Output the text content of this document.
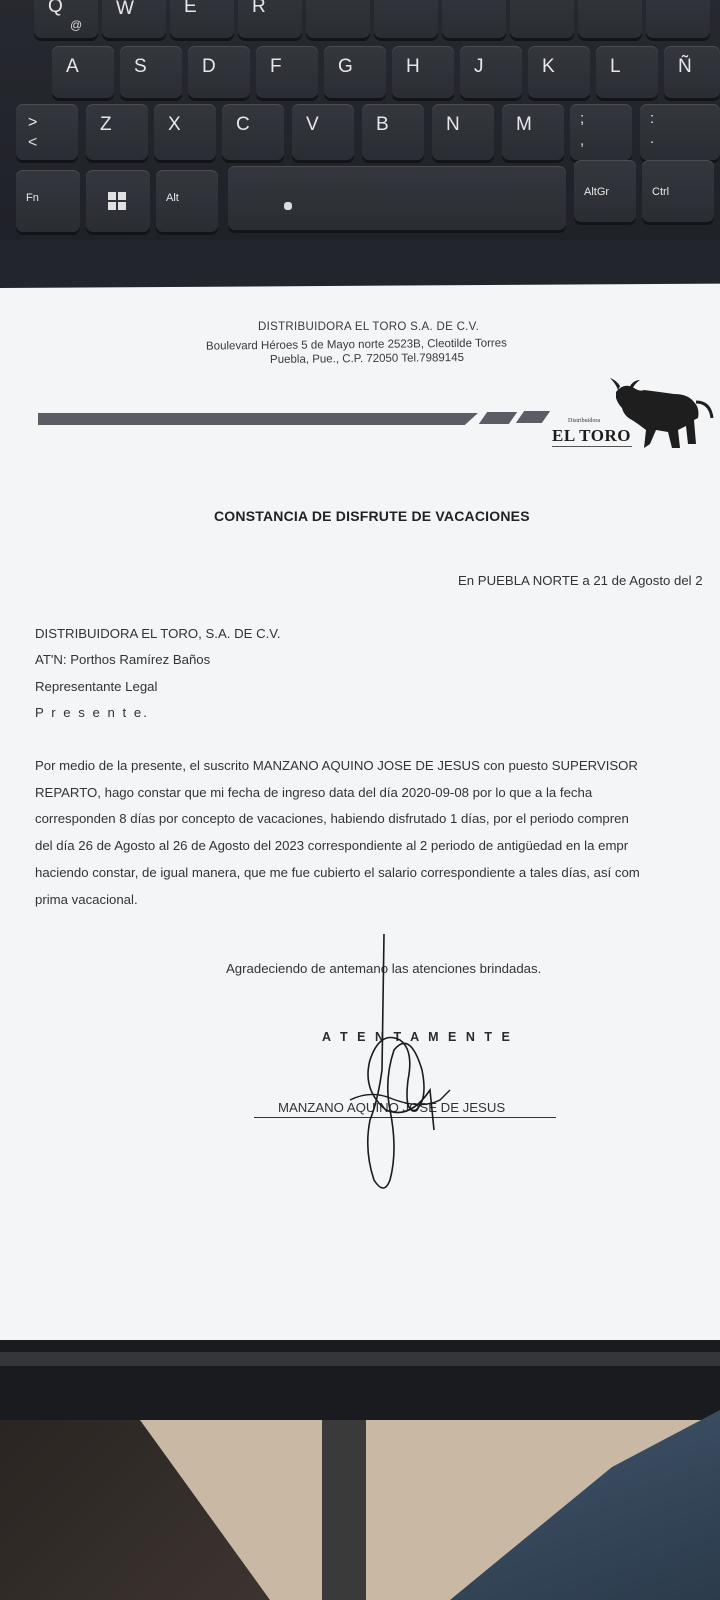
Q
@
W	E	R
A	S	D	F	G	H	J	K	L	Ñ
>
<
Z	X	C	V	B	N	M	;
,
:
.
Fn	Alt	AltGr	Ctrl
DISTRIBUIDORA EL TORO S.A. DE C.V.
Boulevard Héroes 5 de Mayo norte 2523B, Cleotilde Torres
Puebla, Pue., C.P. 72050 Tel.7989145
Distribuidora
EL TORO
CONSTANCIA DE DISFRUTE DE VACACIONES
En PUEBLA NORTE a 21 de Agosto del 2
DISTRIBUIDORA EL TORO, S.A. DE C.V.
AT'N: Porthos Ramírez Baños
Representante Legal
P r e s e n t e.
Por medio de la presente, el suscrito MANZANO AQUINO JOSE DE JESUS con puesto SUPERVISOR
REPARTO, hago constar que mi fecha de ingreso data del día 2020-09-08 por lo que a la fecha
corresponden 8 días por concepto de vacaciones, habiendo disfrutado 1 días, por el periodo compren
del día 26 de Agosto al 26 de Agosto del 2023 correspondiente al 2 periodo de antigüedad en la empr
haciendo constar, de igual manera, que me fue cubierto el salario correspondiente a tales días, así com
prima vacacional.
Agradeciendo de antemano las atenciones brindadas.
A T E N T A M E N T E
MANZANO AQUINO JOSE DE JESUS
